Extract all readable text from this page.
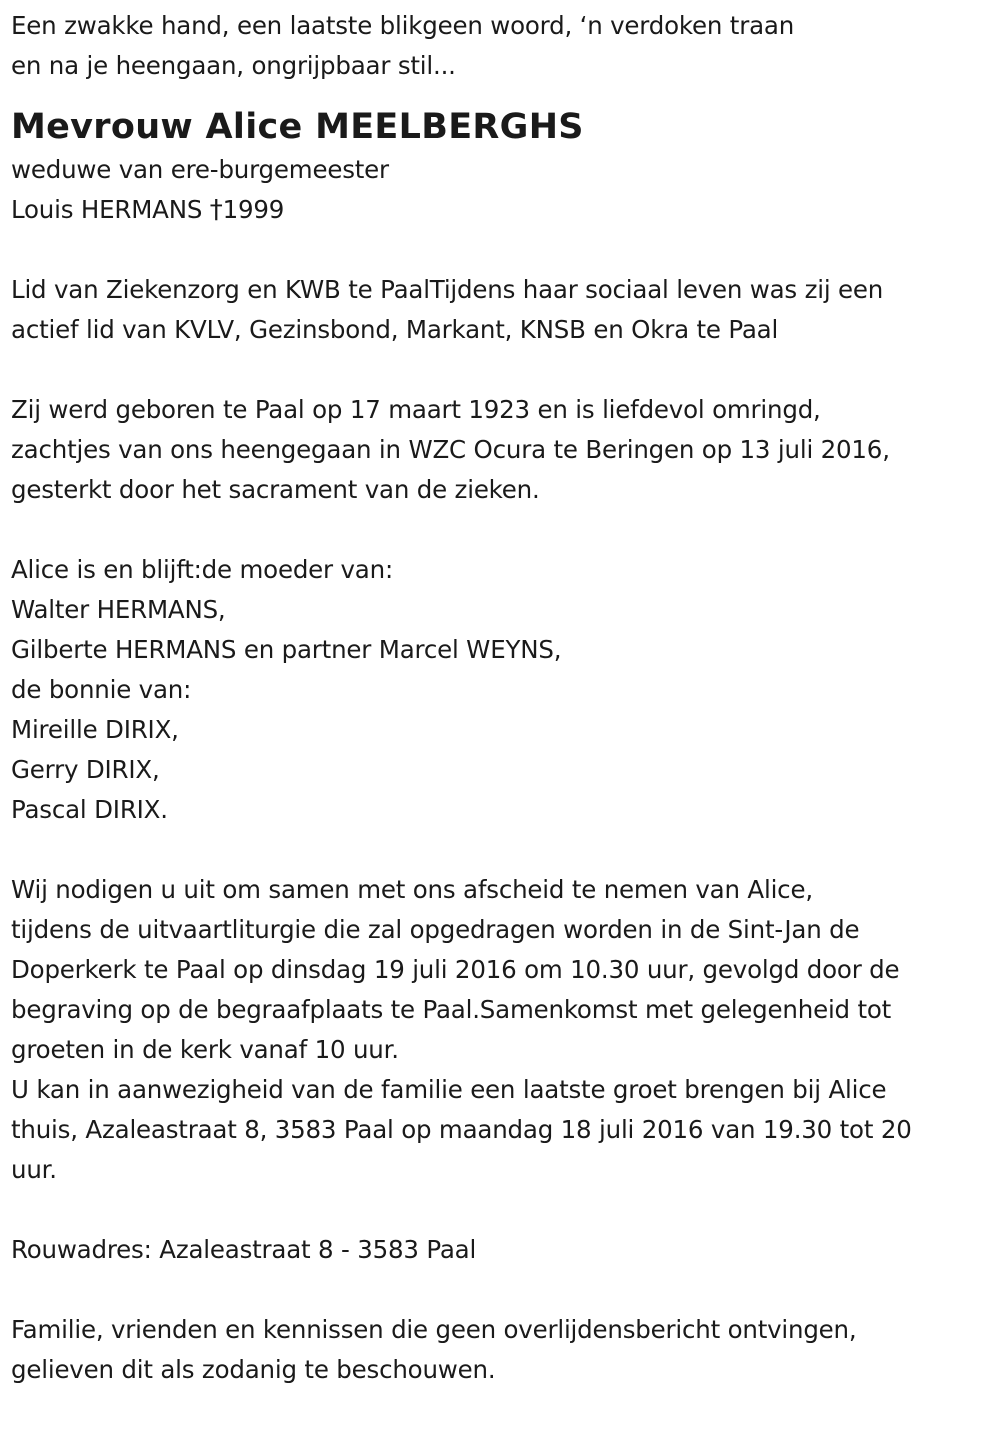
Een zwakke hand, een laatste blikgeen woord, ‘n verdoken traan
en na je heengaan, ongrijpbaar stil...
Mevrouw Alice MEELBERGHS
weduwe van ere-burgemeester
Louis HERMANS †1999
Lid van Ziekenzorg en KWB te PaalTijdens haar sociaal leven was zij een
actief lid van KVLV, Gezinsbond, Markant, KNSB en Okra te Paal
Zij werd geboren te Paal op 17 maart 1923 en is liefdevol omringd,
zachtjes van ons heengegaan in WZC Ocura te Beringen op 13 juli 2016,
gesterkt door het sacrament van de zieken.
Alice is en blijft:de moeder van:
Walter HERMANS,
Gilberte HERMANS en partner Marcel WEYNS,
de bonnie van:
Mireille DIRIX,
Gerry DIRIX,
Pascal DIRIX.
Wij nodigen u uit om samen met ons afscheid te nemen van Alice,
tijdens de uitvaartliturgie die zal opgedragen worden in de Sint-Jan de
Doperkerk te Paal op dinsdag 19 juli 2016 om 10.30 uur, gevolgd door de
begraving op de begraafplaats te Paal.Samenkomst met gelegenheid tot
groeten in de kerk vanaf 10 uur.
U kan in aanwezigheid van de familie een laatste groet brengen bij Alice
thuis, Azaleastraat 8, 3583 Paal op maandag 18 juli 2016 van 19.30 tot 20
uur.
Rouwadres: Azaleastraat 8 - 3583 Paal
Familie, vrienden en kennissen die geen overlijdensbericht ontvingen,
gelieven dit als zodanig te beschouwen.
